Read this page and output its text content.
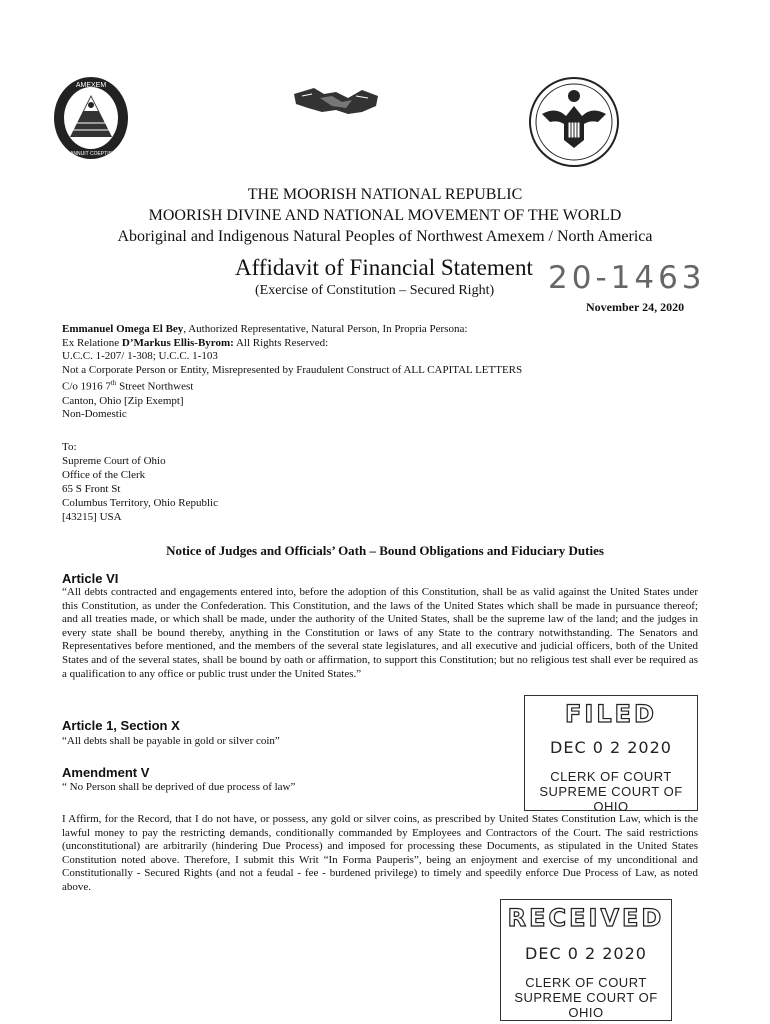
AMEXEM
ANNUIT COEPTIS
THE MOORISH NATIONAL REPUBLIC
MOORISH DIVINE AND NATIONAL MOVEMENT OF THE WORLD
Aboriginal and Indigenous Natural Peoples of Northwest Amexem / North America
Affidavit of Financial Statement
(Exercise of Constitution – Secured Right) 20-1463
November 24, 2020
Emmanuel Omega El Bey, Authorized Representative, Natural Person, In Propria Persona:
Ex Relatione D’Markus Ellis-Byrom: All Rights Reserved:
U.C.C. 1-207/ 1-308; U.C.C. 1-103
Not a Corporate Person or Entity, Misrepresented by Fraudulent Construct of ALL CAPITAL LETTERS
C/o 1916 7th Street Northwest
Canton, Ohio [Zip Exempt]
Non-Domestic
To:
Supreme Court of Ohio
Office of the Clerk
65 S Front St
Columbus Territory, Ohio Republic
[43215] USA
Notice of Judges and Officials’ Oath – Bound Obligations and Fiduciary Duties
Article VI
“All debts contracted and engagements entered into, before the adoption of this Constitution, shall be as valid against the United States under this Constitution, as under the Confederation. This Constitution, and the laws of the United States which shall be made in pursuance thereof; and all treaties made, or which shall be made, under the authority of the United States, shall be the supreme law of the land; and the judges in every state shall be bound thereby, anything in the Constitution or laws of any State to the contrary notwithstanding. The Senators and Representatives before mentioned, and the members of the several state legislatures, and all executive and judicial officers, both of the United States and of the several states, shall be bound by oath or affirmation, to support this Constitution; but no religious test shall ever be required as a qualification to any office or public trust under the United States.”
Article 1, Section X
“All debts shall be payable in gold or silver coin”
Amendment V
“ No Person shall be deprived of due process of law”
I Affirm, for the Record, that I do not have, or possess, any gold or silver coins, as prescribed by United States Constitution Law, which is the lawful money to pay the restricting demands, conditionally commanded by Employees and Contractors of the Court. The said restrictions (unconstitutional) are arbitrarily (hindering Due Process) and imposed for processing these Documents, as stipulated in the United States Constitution noted above. Therefore, I submit this Writ “In Forma Pauperis”, being an enjoyment and exercise of my unconditional and Constitutionally - Secured Rights (and not a feudal - fee - burdened privilege) to timely and speedily enforce Due Process of Law, as noted above.
FILED
DEC 0 2 2020
CLERK OF COURT
SUPREME COURT OF OHIO
RECEIVED
DEC 0 2 2020
CLERK OF COURT
SUPREME COURT OF OHIO
